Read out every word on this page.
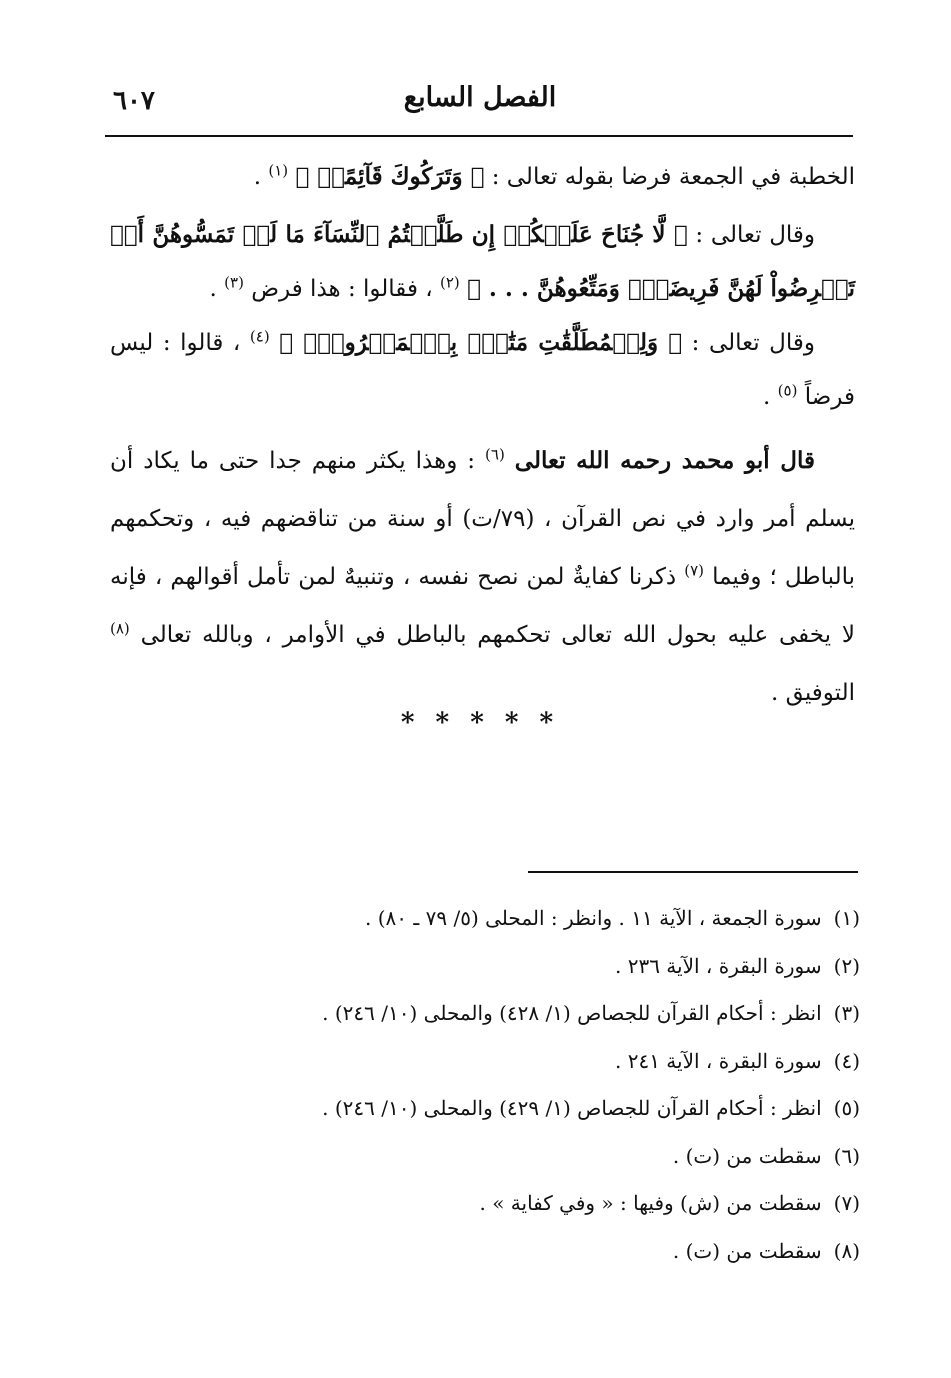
الفصل السابع
٦٠٧

الخطبة في الجمعة فرضا بقوله تعالى : ﴿ وَتَرَكُوكَ قَآئِمًاۚ ﴾ $^{(١)}$ .

وقال تعالى : ﴿ لَّا جُنَاحَ عَلَيۡكُمۡ إِن طَلَّقۡتُمُ ٱلنِّسَآءَ مَا لَمۡ تَمَسُّوهُنَّ أَوۡ تَفۡرِضُواْ لَهُنَّ فَرِيضَةًۚ وَمَتِّعُوهُنَّ . . . ﴾ $^{(٢)}$ ، فقالوا : هذا فرض $^{(٣)}$ .

وقال تعالى : ﴿ وَلِلۡمُطَلَّقَٰتِ مَتَٰعُۢ بِٱلۡمَعۡرُوفِۖ ﴾ $^{(٤)}$ ، قالوا : ليس فرضاً $^{(٥)}$ .

قال أبو محمد رحمه الله تعالى $^{(٦)}$ : وهذا يكثر منهم جدا حتى ما يكاد أن يسلم أمر وارد في نص القرآن ، (٧٩/ت) أو سنة من تناقضهم فيه ، وتحكمهم بالباطل ؛ وفيما $^{(٧)}$ ذكرنا كفايةٌ لمن نصح نفسه ، وتنبيهٌ لمن تأمل أقوالهم ، فإنه لا يخفى عليه بحول الله تعالى تحكمهم بالباطل في الأوامر ، وبالله تعالى $^{(٨)}$ التوفيق .

* * * * *
(١)سورة الجمعة ، الآية ١١ . وانظر : المحلى (٥/ ٧٩ ـ ٨٠) .
(٢)سورة البقرة ، الآية ٢٣٦ .
(٣)انظر : أحكام القرآن للجصاص (١/ ٤٢٨) والمحلى (١٠/ ٢٤٦) .
(٤)سورة البقرة ، الآية ٢٤١ .
(٥)انظر : أحكام القرآن للجصاص (١/ ٤٢٩) والمحلى (١٠/ ٢٤٦) .
(٦)سقطت من (ت) .
(٧)سقطت من (ش) وفيها : « وفي كفاية » .
(٨)سقطت من (ت) .
